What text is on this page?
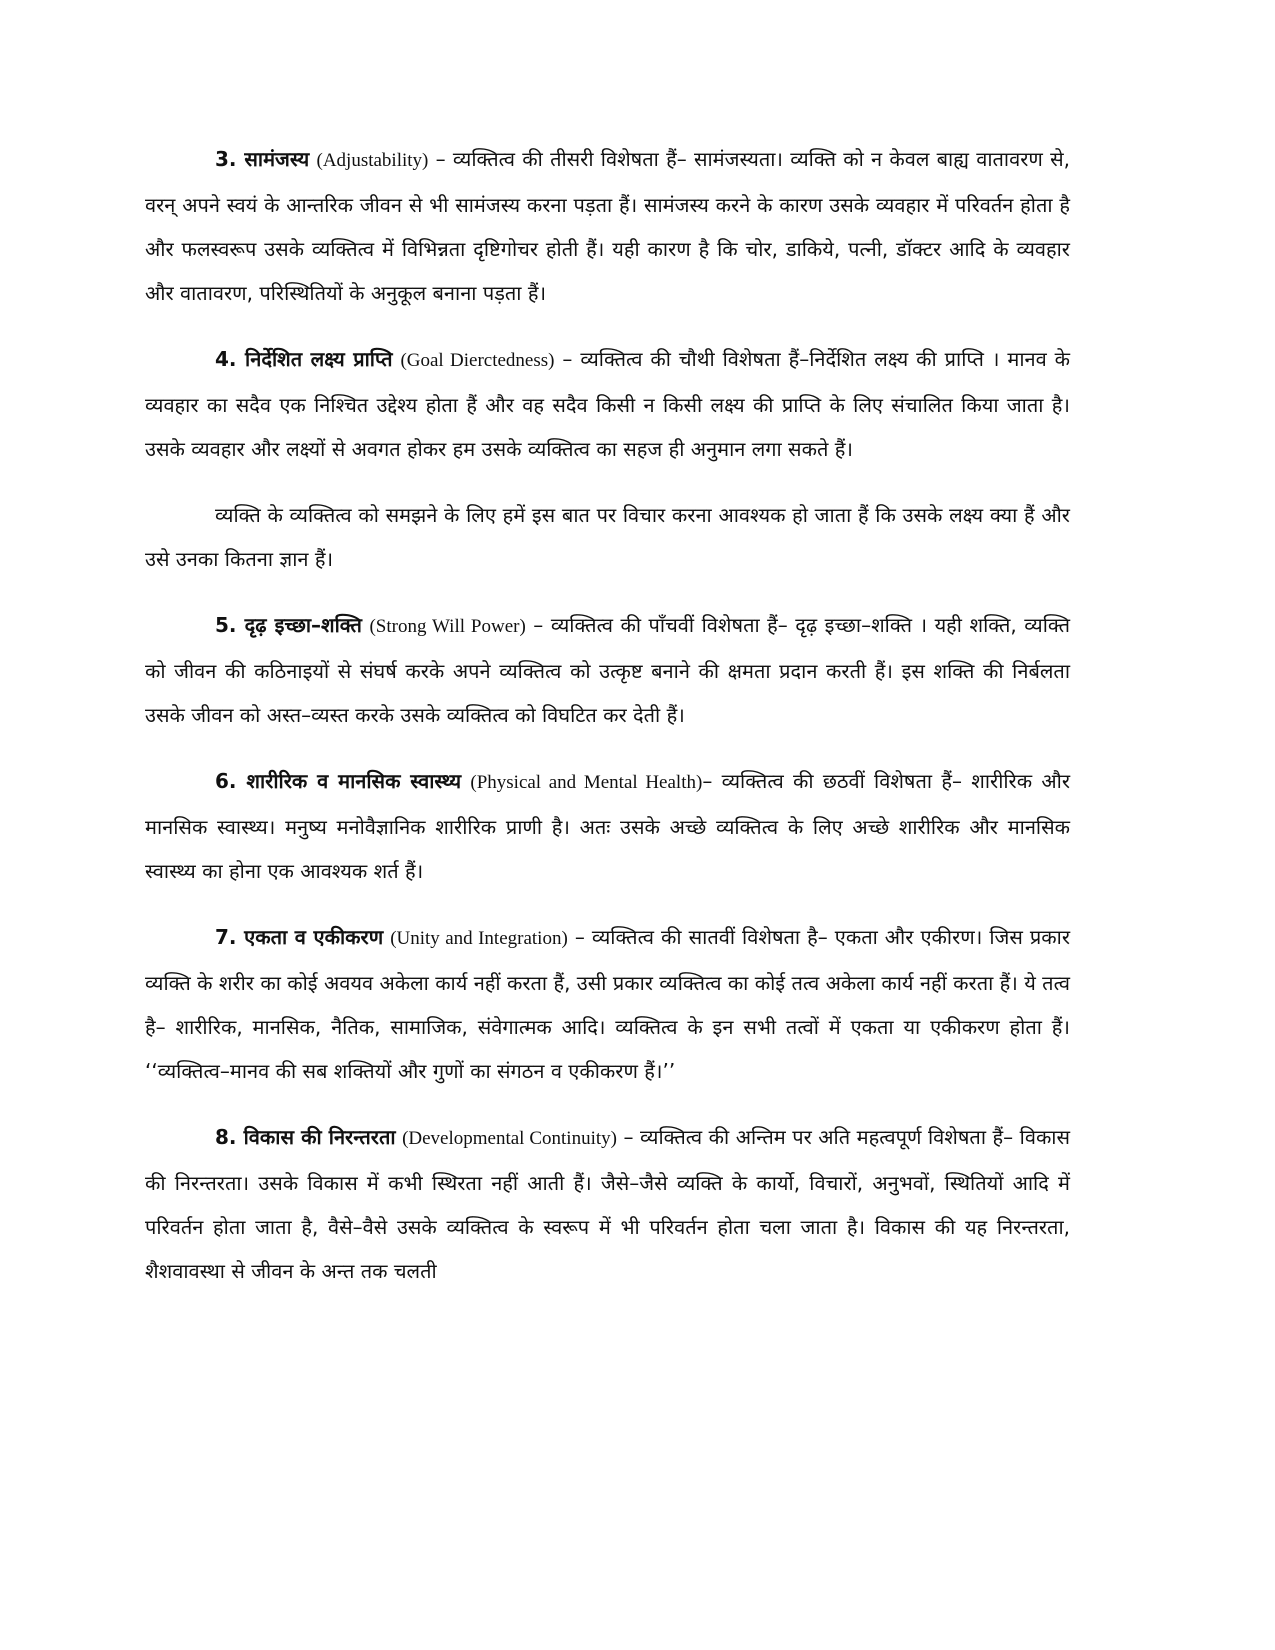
3. सामंजस्य (Adjustability) – व्यक्तित्व की तीसरी विशेषता हैं– सामंजस्यता। व्यक्ति को न केवल बाह्य वातावरण से, वरन् अपने स्वयं के आन्तरिक जीवन से भी सामंजस्य करना पड़ता हैं। सामंजस्य करने के कारण उसके व्यवहार में परिवर्तन होता है और फलस्वरूप उसके व्यक्तित्व में विभिन्नता दृष्टिगोचर होती हैं। यही कारण है कि चोर, डाकिये, पत्नी, डॉक्टर आदि के व्यवहार और वातावरण, परिस्थितियों के अनुकूल बनाना पड़ता हैं।

4. निर्देशित लक्ष्य प्राप्ति (Goal Dierctedness) – व्यक्तित्व की चौथी विशेषता हैं–निर्देशित लक्ष्य की प्राप्ति । मानव के व्यवहार का सदैव एक निश्चित उद्देश्य होता हैं और वह सदैव किसी न किसी लक्ष्य की प्राप्ति के लिए संचालित किया जाता है। उसके व्यवहार और लक्ष्यों से अवगत होकर हम उसके व्यक्तित्व का सहज ही अनुमान लगा सकते हैं।

व्यक्ति के व्यक्तित्व को समझने के लिए हमें इस बात पर विचार करना आवश्यक हो जाता हैं कि उसके लक्ष्य क्या हैं और उसे उनका कितना ज्ञान हैं।

5. दृढ़ इच्छा–शक्ति (Strong Will Power) – व्यक्तित्व की पाँचवीं विशेषता हैं– दृढ़ इच्छा–शक्ति । यही शक्ति, व्यक्ति को जीवन की कठिनाइयों से संघर्ष करके अपने व्यक्तित्व को उत्कृष्ट बनाने की क्षमता प्रदान करती हैं। इस शक्ति की निर्बलता उसके जीवन को अस्त–व्यस्त करके उसके व्यक्तित्व को विघटित कर देती हैं।

6. शारीरिक व मानसिक स्वास्थ्य (Physical and Mental Health)– व्यक्तित्व की छठवीं विशेषता हैं– शारीरिक और मानसिक स्वास्थ्य। मनुष्य मनोवैज्ञानिक शारीरिक प्राणी है। अतः उसके अच्छे व्यक्तित्व के लिए अच्छे शारीरिक और मानसिक स्वास्थ्य का होना एक आवश्यक शर्त हैं।

7. एकता व एकीकरण (Unity and Integration) – व्यक्तित्व की सातवीं विशेषता है– एकता और एकीरण। जिस प्रकार व्यक्ति के शरीर का कोई अवयव अकेला कार्य नहीं करता हैं, उसी प्रकार व्यक्तित्व का कोई तत्व अकेला कार्य नहीं करता हैं। ये तत्व है– शारीरिक, मानसिक, नैतिक, सामाजिक, संवेगात्मक आदि। व्यक्तित्व के इन सभी तत्वों में एकता या एकीकरण होता हैं। ‘‘व्यक्तित्व–मानव की सब शक्तियों और गुणों का संगठन व एकीकरण हैं।’’

8. विकास की निरन्तरता (Developmental Continuity) – व्यक्तित्व की अन्तिम पर अति महत्वपूर्ण विशेषता हैं– विकास की निरन्तरता। उसके विकास में कभी स्थिरता नहीं आती हैं। जैसे–जैसे व्यक्ति के कार्यो, विचारों, अनुभवों, स्थितियों आदि में परिवर्तन होता जाता है, वैसे–वैसे उसके व्यक्तित्व के स्वरूप में भी परिवर्तन होता चला जाता है। विकास की यह निरन्तरता, शैशवावस्था से जीवन के अन्त तक चलती
